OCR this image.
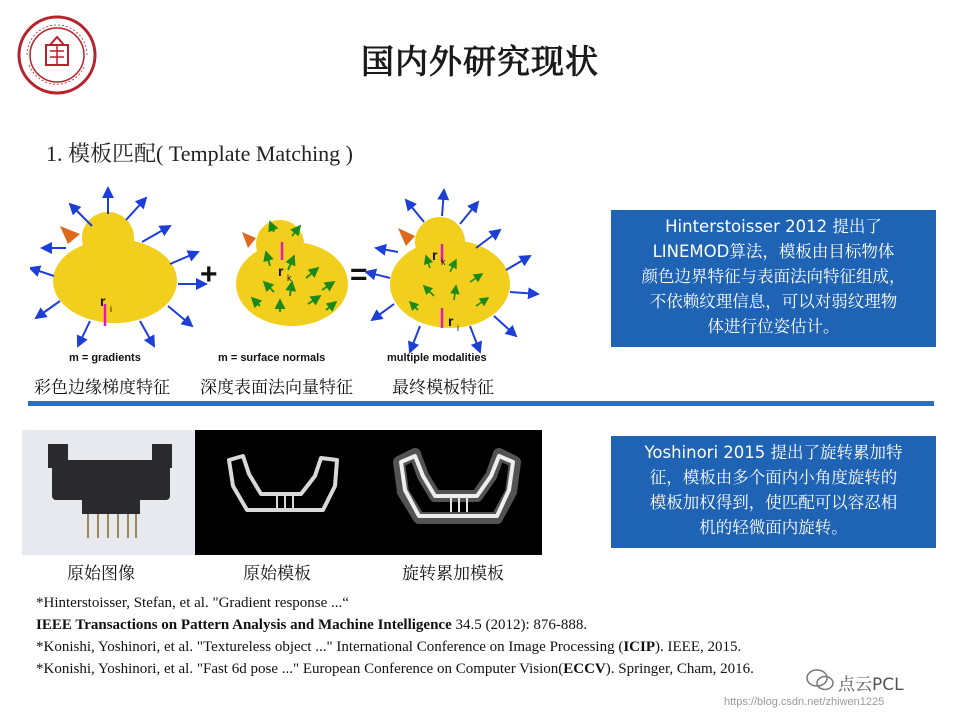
国内外研究现状
1. 模板匹配( Template Matching )
r i
+	r k =
r k
r i
m = gradients	m = surface normals	multiple modalities
彩色边缘梯度特征 深度表面法向量特征 最终模板特征
Hinterstoisser 2012 提出了
LINEMOD算法，模板由目标物体
颜色边界特征与表面法向特征组成，
不依赖纹理信息，可以对弱纹理物
体进行位姿估计。
Yoshinori 2015 提出了旋转累加特
征，模板由多个面内小角度旋转的
模板加权得到，使匹配可以容忍相
机的轻微面内旋转。
原始图像	原始模板	旋转累加模板
*Hinterstoisser, Stefan, et al. "Gradient response ...“
IEEE Transactions on Pattern Analysis and Machine Intelligence 34.5 (2012): 876-888.
*Konishi, Yoshinori, et al. "Textureless object ..." International Conference on Image Processing (ICIP). IEEE, 2015.
*Konishi, Yoshinori, et al. "Fast 6d pose ..." European Conference on Computer Vision(ECCV). Springer, Cham, 2016.
点云PCL
https://blog.csdn.net/zhiwen1225
